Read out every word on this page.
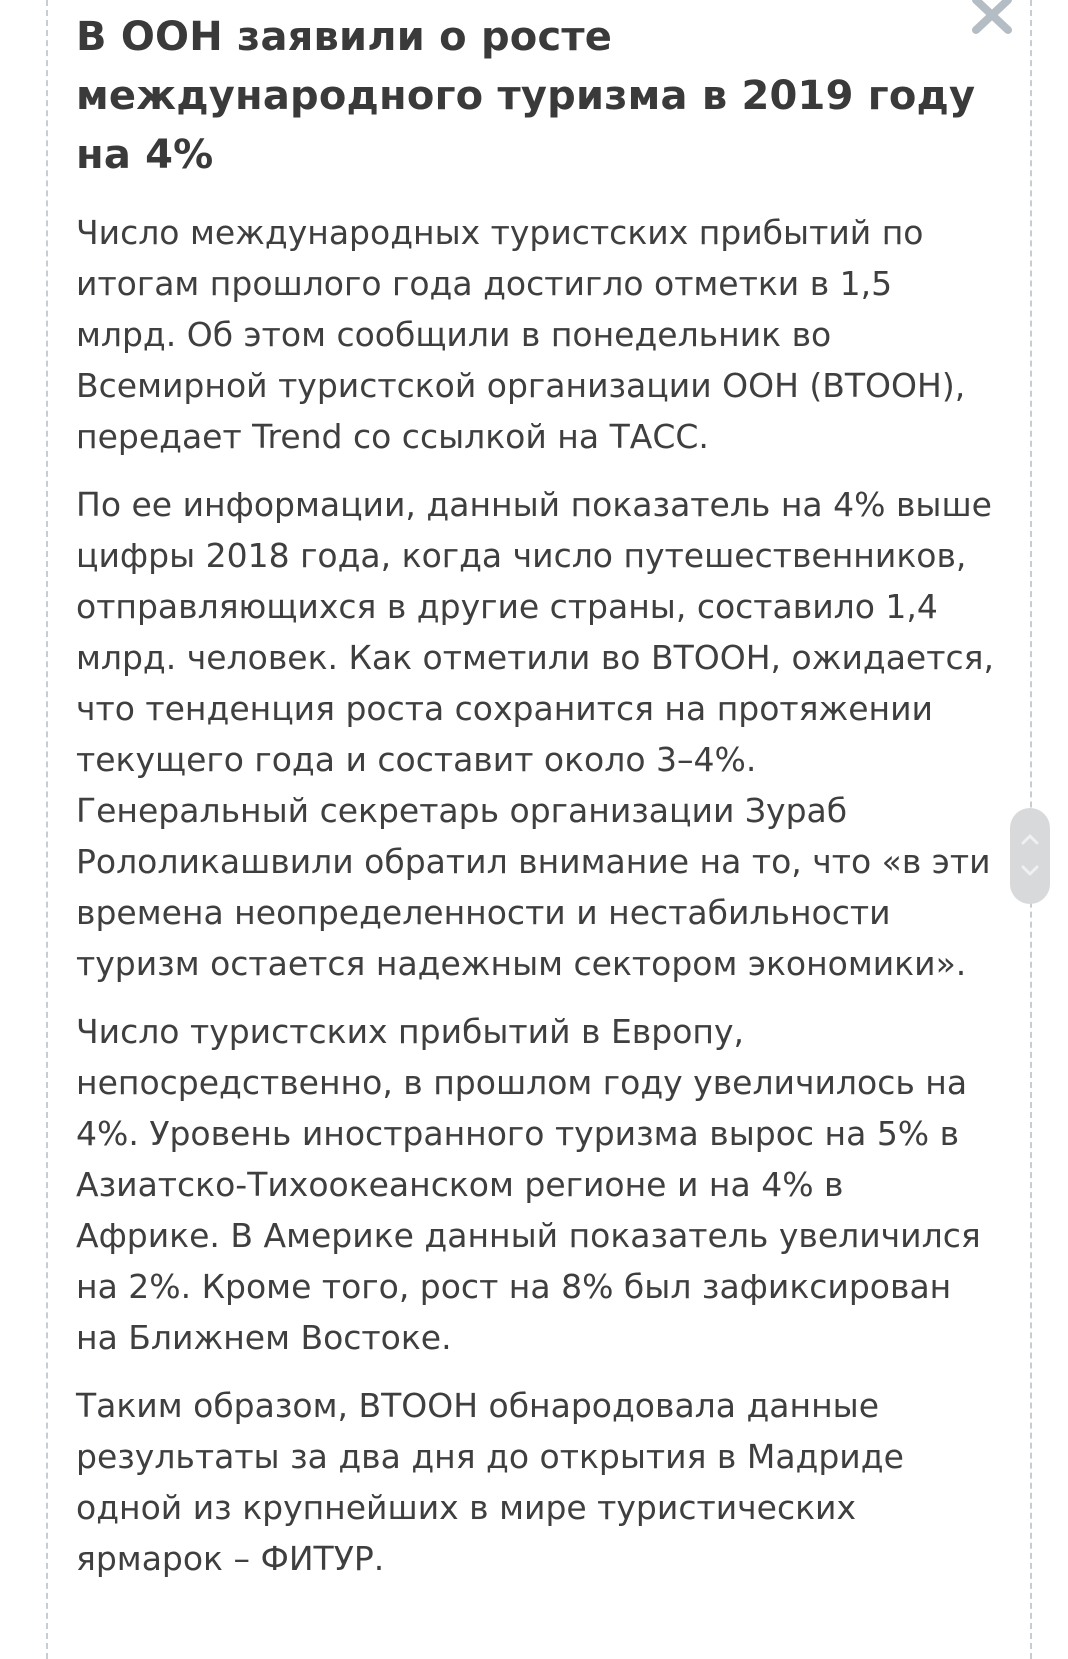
В ООН заявили о росте международного туризма в 2019 году на 4%

Число международных туристских прибытий по итогам прошлого года достигло отметки в 1,5 млрд. Об этом сообщили в понедельник во Всемирной туристской организации ООН (ВТООН), передает Trend со ссылкой на ТАСС.

По ее информации, данный показатель на 4% выше цифры 2018 года, когда число путешественников, отправляющихся в другие страны, составило 1,4 млрд. человек. Как отметили во ВТООН, ожидается, что тенденция роста сохранится на протяжении текущего года и составит около 3–4%. Генеральный секретарь организации Зураб Pололикашвили обратил внимание на то, что «в эти времена неопределенности и нестабильности туризм остается надежным сектором экономики».

Число туристских прибытий в Европу, непосредственно, в прошлом году увеличилось на 4%. Уровень иностранного туризма вырос на 5% в Азиатско-Тихоокеанском регионе и на 4% в Африке. В Америке данный показатель увеличился на 2%. Кроме того, рост на 8% был зафиксирован на Ближнем Востоке.

Таким образом, ВТООН обнародовала данные результаты за два дня до открытия в Мадриде одной из крупнейших в мире туристических ярмарок – ФИТУР.
